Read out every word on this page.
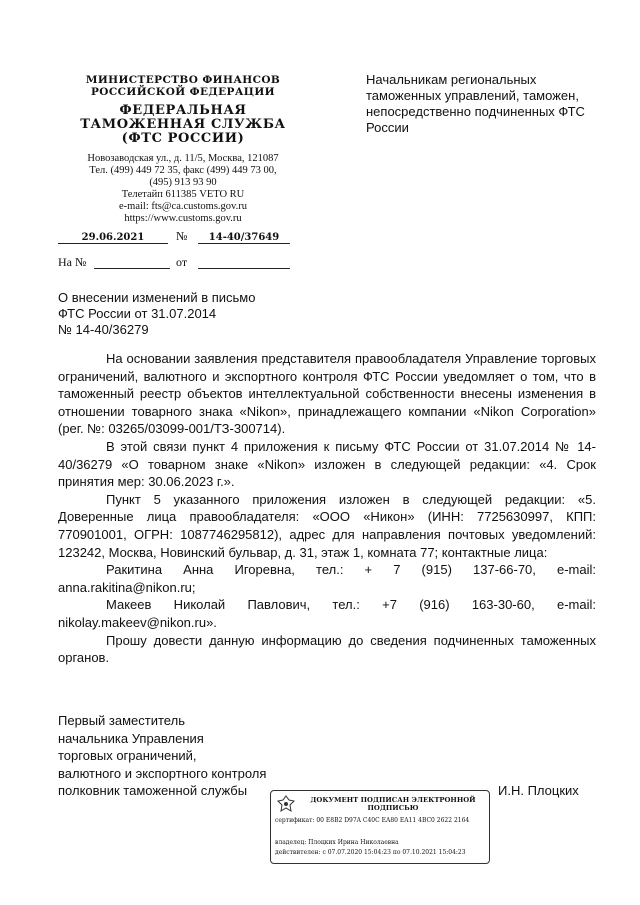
МИНИСТЕРСТВО ФИНАНСОВ
РОССИЙСКОЙ ФЕДЕРАЦИИ
ФЕДЕРАЛЬНАЯ
ТАМОЖЕННАЯ СЛУЖБА
(ФТС РОССИИ)
Новозаводская ул., д. 11/5, Москва, 121087
Тел. (499) 449 72 35, факс (499) 449 73 00,
(495) 913 93 90
Телетайп 611385 VETO RU
e-mail: fts@ca.customs.gov.ru
https://www.customs.gov.ru
29.06.2021	№	14-40/37649
На №	от
Начальникам региональных таможенных управлений, таможен, непосредственно подчиненных ФТС России
О внесении изменений в письмо
ФТС России от 31.07.2014
№ 14-40/36279

На основании заявления представителя правообладателя Управление торговых ограничений, валютного и экспортного контроля ФТС России уведомляет о том, что в таможенный реестр объектов интеллектуальной собственности внесены изменения в отношении товарного знака «Nikon», принадлежащего компании «Nikon Corporation» (рег. №: 03265/03099-001/ТЗ-300714).

В этой связи пункт 4 приложения к письму ФТС России от 31.07.2014 № 14-40/36279 «О товарном знаке «Nikon» изложен в следующей редакции: «4. Срок принятия мер: 30.06.2023 г.».

Пункт 5 указанного приложения изложен в следующей редакции: «5. Доверенные лица правообладателя: «ООО «Никон» (ИНН: 7725630997, КПП: 770901001, ОГРН: 1087746295812), адрес для направления почтовых уведомлений: 123242, Москва, Новинский бульвар, д. 31, этаж 1, комната 77; контактные лица:

Ракитина Анна Игоревна, тел.: + 7 (915) 137-66-70, e-mail: anna.rakitina@nikon.ru;

Макеев Николай Павлович, тел.: +7 (916) 163-30-60, e-mail: nikolay.makeev@nikon.ru».

Прошу довести данную информацию до сведения подчиненных таможенных органов.

Первый заместитель
начальника Управления
торговых ограничений,
валютного и экспортного контроля
полковник таможенной службы	И.Н. Плоцких
ДОКУМЕНТ ПОДПИСАН ЭЛЕКТРОННОЙ ПОДПИСЬЮ
сертификат: 00 E8B2 D97A C40C EA80 EA11 4BC0 2622 2164
владелец: Плоцких Ирина Николаевна
действителен: с 07.07.2020 15:04:23 по 07.10.2021 15:04:23
